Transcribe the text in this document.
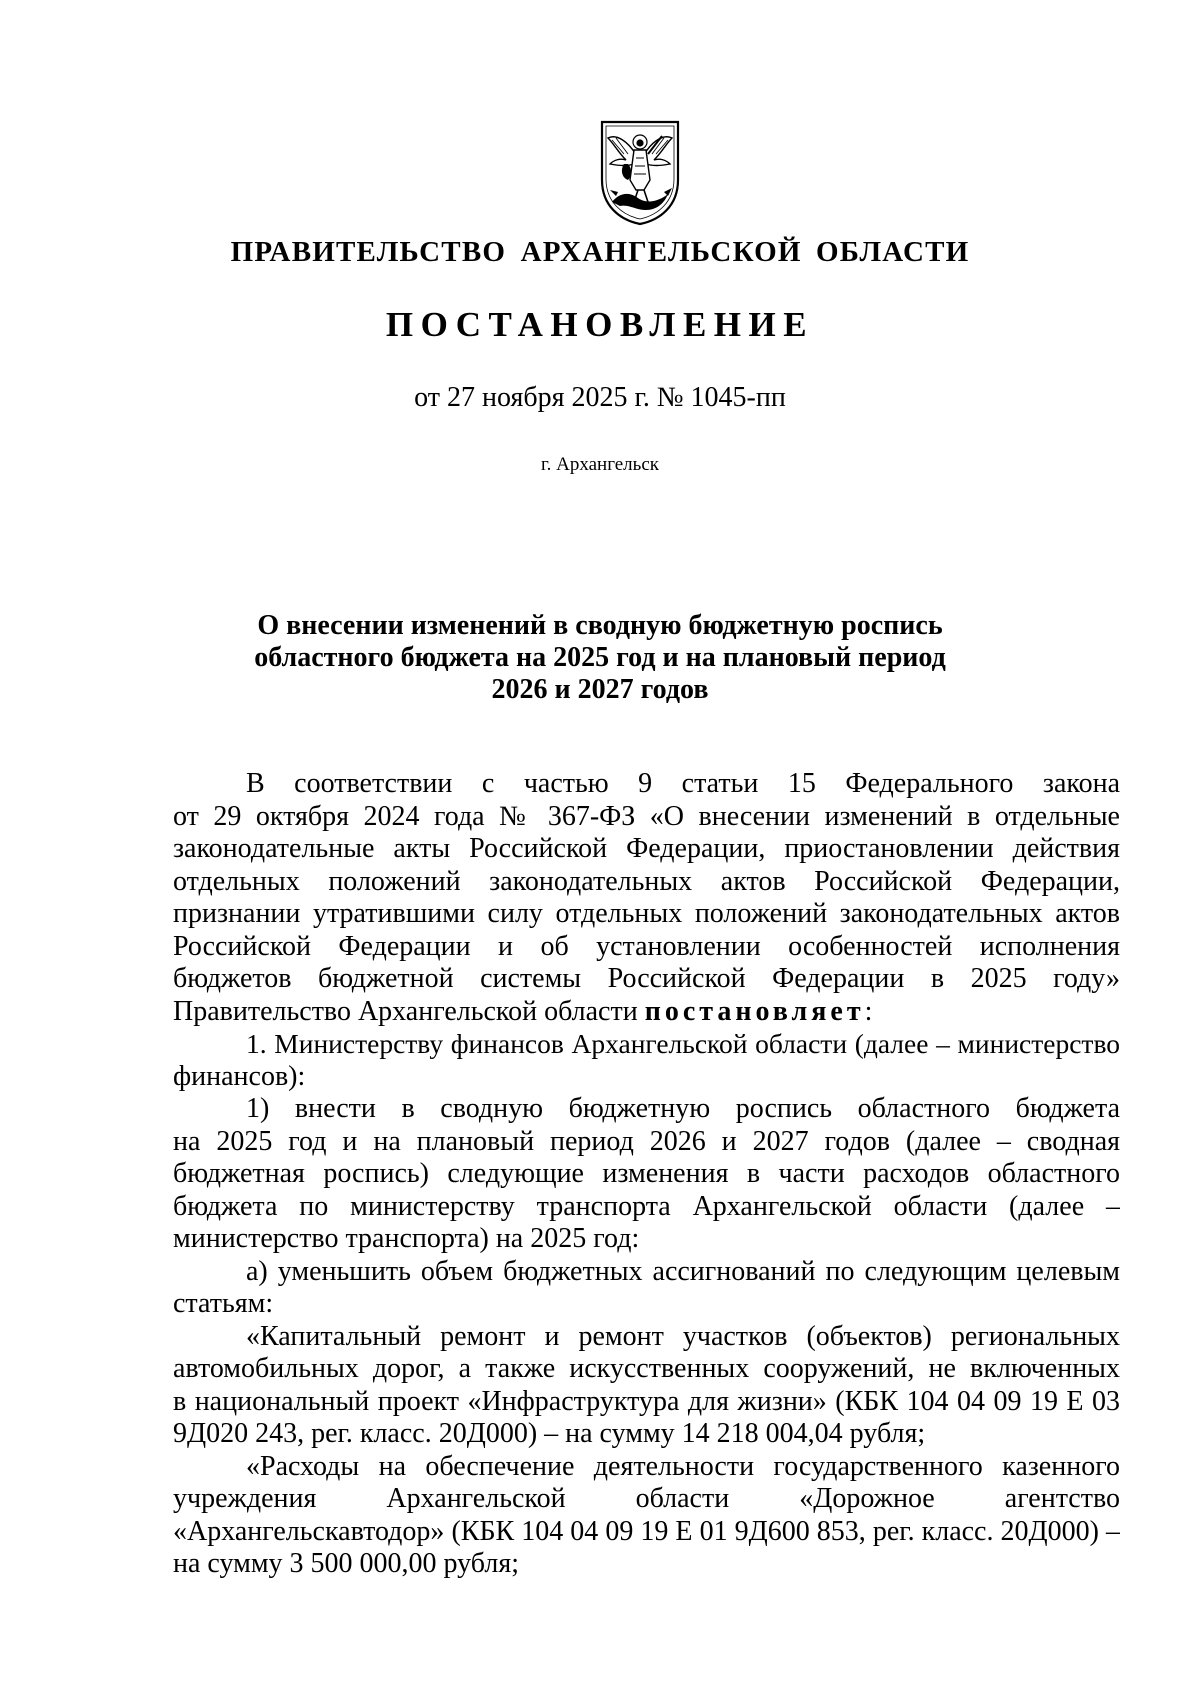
ПРАВИТЕЛЬСТВО АРХАНГЕЛЬСКОЙ ОБЛАСТИ
ПОСТАНОВЛЕНИЕ
от 27 ноября 2025 г. № 1045-пп
г. Архангельск
О внесении изменений в сводную бюджетную роспись
областного бюджета на 2025 год и на плановый период
2026 и 2027 годов
В соответствии с частью 9 статьи 15 Федерального закона
от 29 октября 2024 года № 367-ФЗ «О внесении изменений в отдельные
законодательные акты Российской Федерации, приостановлении действия
отдельных положений законодательных актов Российской Федерации,
признании утратившими силу отдельных положений законодательных актов
Российской Федерации и об установлении особенностей исполнения
бюджетов бюджетной системы Российской Федерации в 2025 году»
Правительство Архангельской области постановляет:
1. Министерству финансов Архангельской области (далее – министерство
финансов):
1) внести в сводную бюджетную роспись областного бюджета
на 2025 год и на плановый период 2026 и 2027 годов (далее – сводная
бюджетная роспись) следующие изменения в части расходов областного
бюджета по министерству транспорта Архангельской области (далее –
министерство транспорта) на 2025 год:
а) уменьшить объем бюджетных ассигнований по следующим целевым
статьям:
«Капитальный ремонт и ремонт участков (объектов) региональных
автомобильных дорог, а также искусственных сооружений, не включенных
в национальный проект «Инфраструктура для жизни» (КБК 104 04 09 19 Е 03
9Д020 243, рег. класс. 20Д000) – на сумму 14 218 004,04 рубля;
«Расходы на обеспечение деятельности государственного казенного
учреждения Архангельской области «Дорожное агентство
«Архангельскавтодор» (КБК 104 04 09 19 Е 01 9Д600 853, рег. класс. 20Д000) –
на сумму 3 500 000,00 рубля;
